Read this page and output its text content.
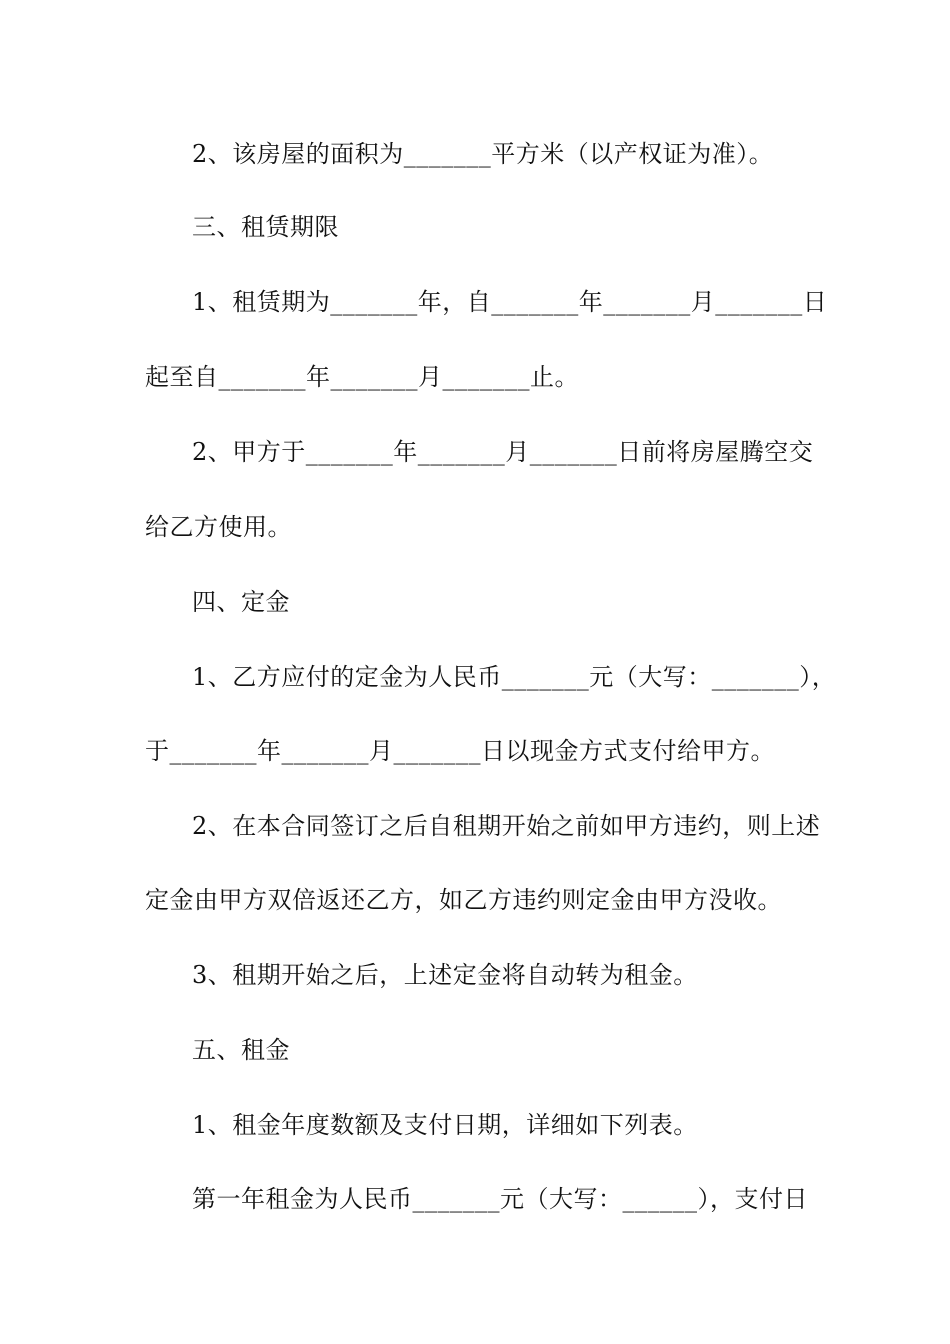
2、该房屋的面积为_______平方米（以产权证为准）。
三、租赁期限
1、租赁期为_______年，自_______年_______月_______日
起至自_______年_______月_______止。
2、甲方于_______年_______月_______日前将房屋腾空交
给乙方使用。
四、定金
1、乙方应付的定金为人民币_______元（大写：_______），
于_______年_______月_______日以现金方式支付给甲方。
2、在本合同签订之后自租期开始之前如甲方违约，则上述
定金由甲方双倍返还乙方，如乙方违约则定金由甲方没收。
3、租期开始之后，上述定金将自动转为租金。
五、租金
1、租金年度数额及支付日期，详细如下列表。
第一年租金为人民币_______元（大写：______），支付日
